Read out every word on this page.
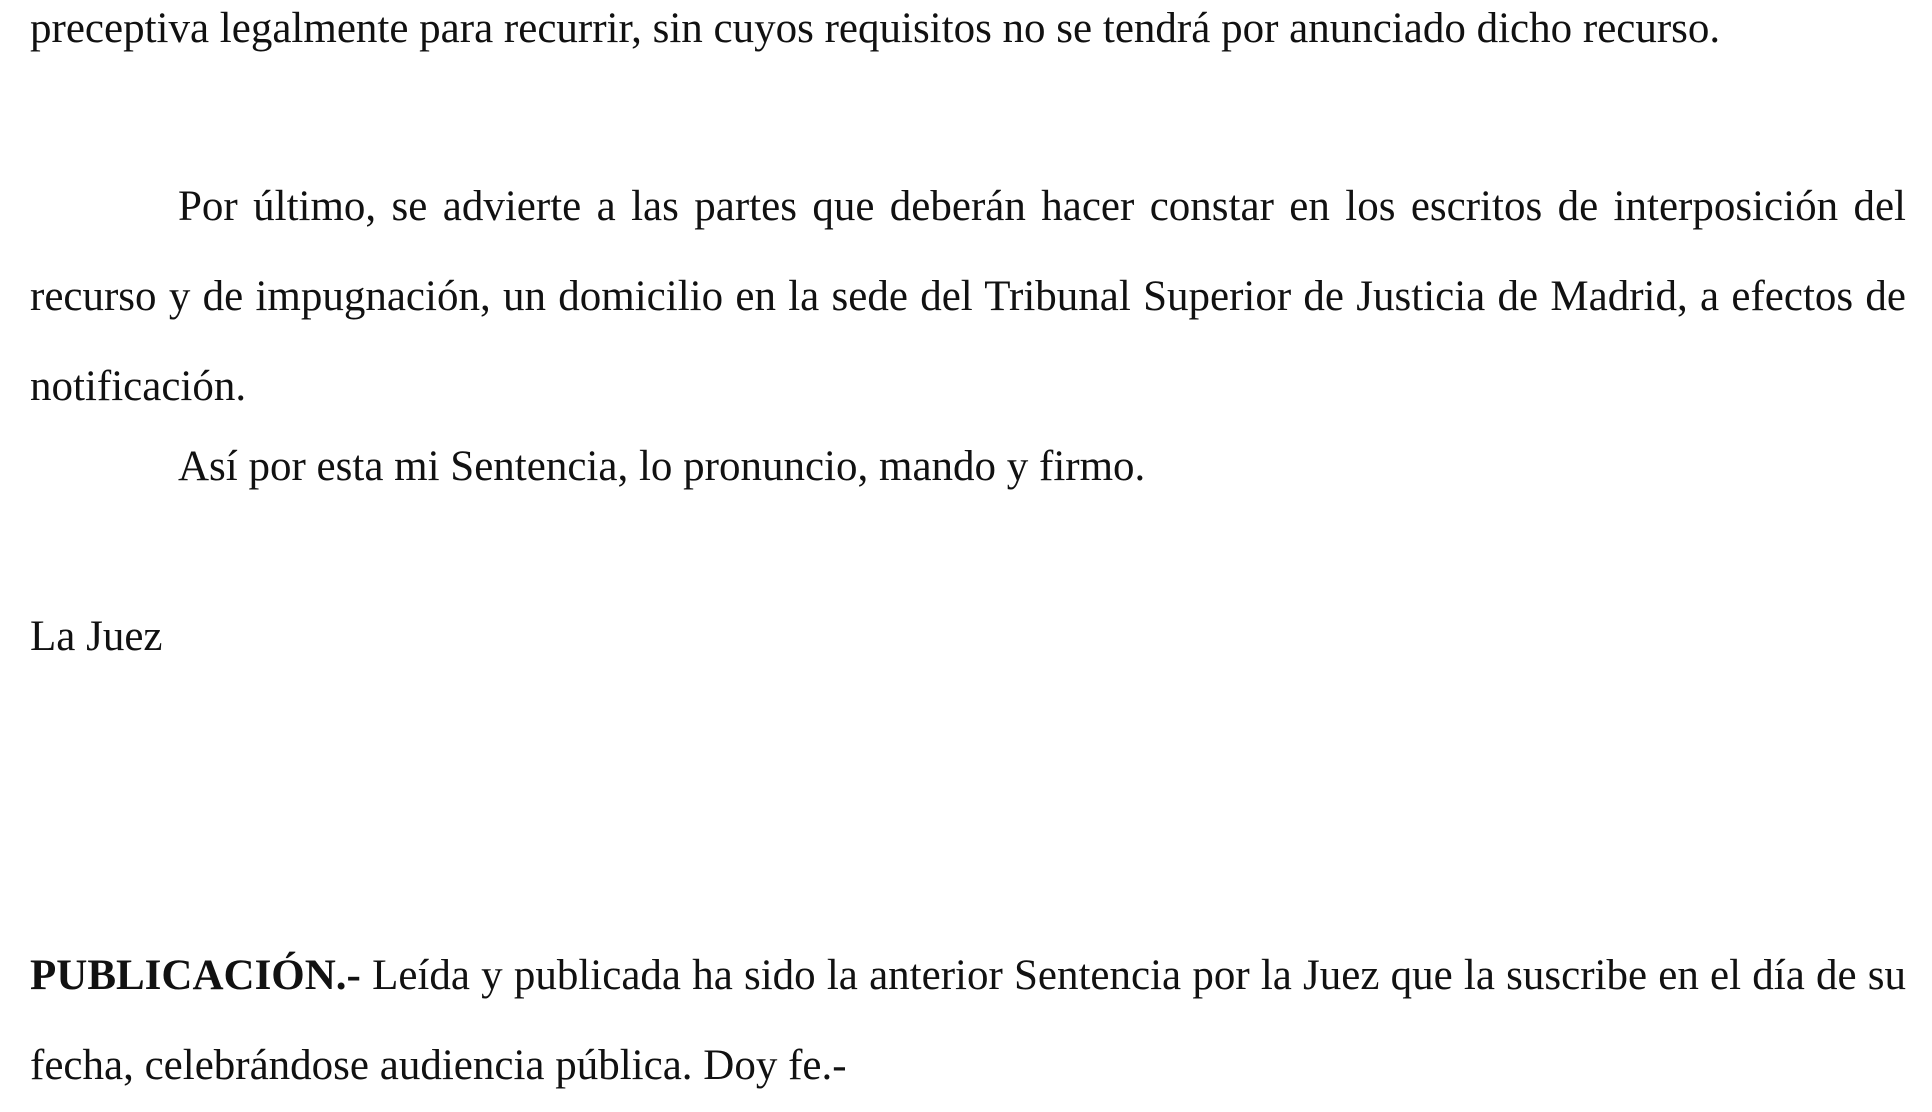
preceptiva legalmente para recurrir, sin cuyos requisitos no se tendrá por anunciado dicho recurso.

Por último, se advierte a las partes que deberán hacer constar en los escritos de interposición del recurso y de impugnación, un domicilio en la sede del Tribunal Superior de Justicia de Madrid, a efectos de notificación.

Así por esta mi Sentencia, lo pronuncio, mando y firmo.

La Juez

PUBLICACIÓN.- Leída y publicada ha sido la anterior Sentencia por la Juez que la suscribe en el día de su fecha, celebrándose audiencia pública. Doy fe.-
